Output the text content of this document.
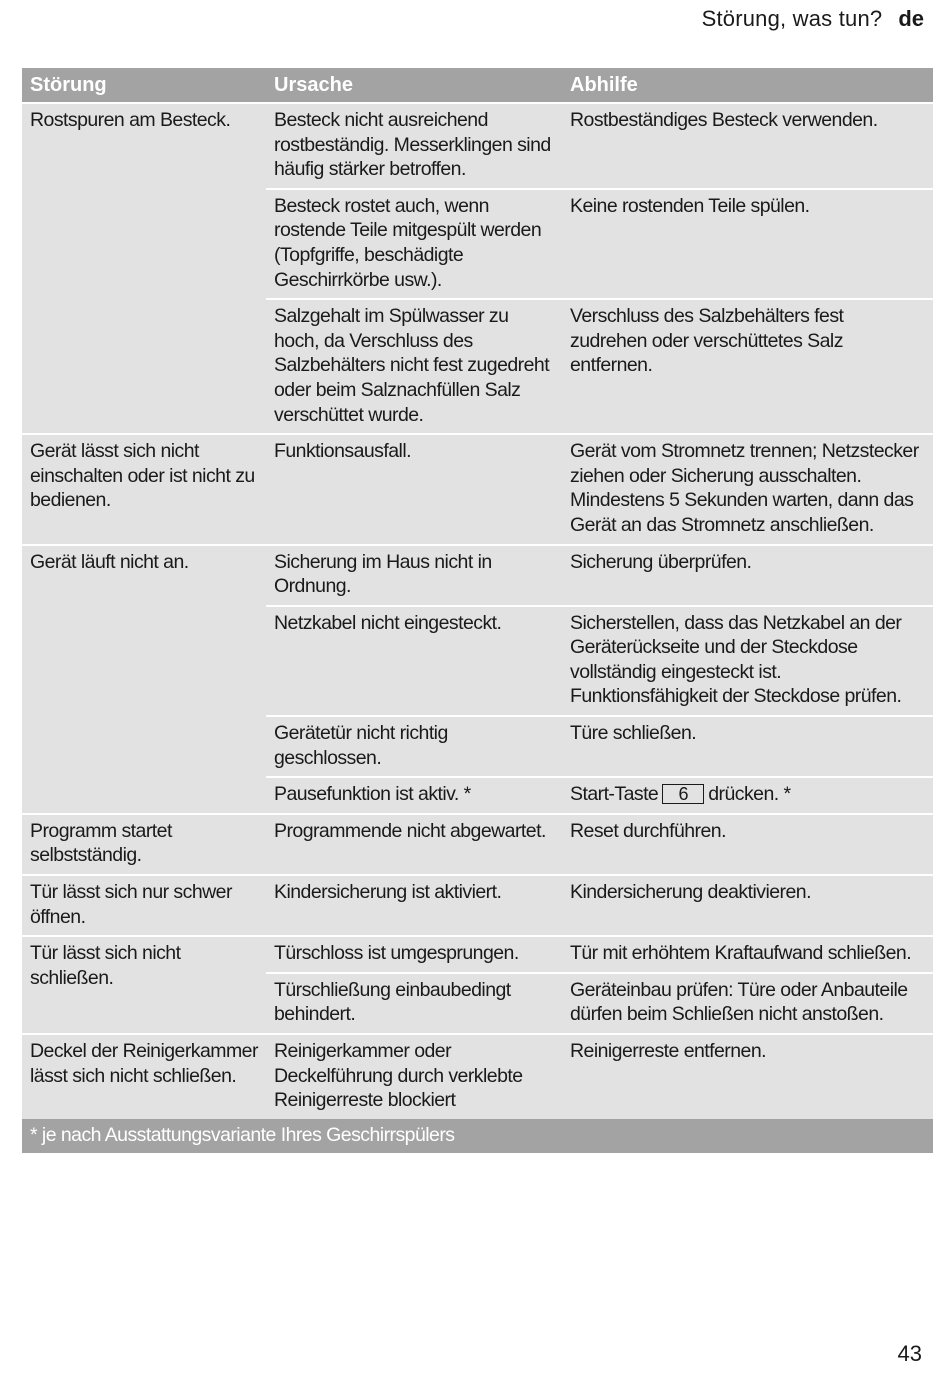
Störung, was tun? de
Störung	Ursache	Abhilfe
Rostspuren am Besteck.	Besteck nicht ausreichend rostbeständig. Messerklingen sind häufig stärker betroffen.	Rostbeständiges Besteck verwenden.
	Besteck rostet auch, wenn rostende Teile mitgespült werden (Topfgriffe, beschädigte Geschirrkörbe usw.).	Keine rostenden Teile spülen.
	Salzgehalt im Spülwasser zu hoch, da Verschluss des Salzbehälters nicht fest zugedreht oder beim Salznachfüllen Salz verschüttet wurde.	Verschluss des Salzbehälters fest zudrehen oder verschüttetes Salz entfernen.
Gerät lässt sich nicht einschalten oder ist nicht zu bedienen.	Funktionsausfall.	Gerät vom Stromnetz trennen; Netzstecker ziehen oder Sicherung ausschalten. Mindestens 5 Sekunden warten, dann das Gerät an das Stromnetz anschließen.
Gerät läuft nicht an.	Sicherung im Haus nicht in Ordnung.	Sicherung überprüfen.
	Netzkabel nicht eingesteckt.	Sicherstellen, dass das Netzkabel an der Geräterückseite und der Steckdose vollständig eingesteckt ist. Funktionsfähigkeit der Steckdose prüfen.
	Gerätetür nicht richtig geschlossen.	Türe schließen.
	Pausefunktion ist aktiv. *	Start-Taste 6 drücken. *
Programm startet selbstständig.	Programmende nicht abgewartet.	Reset durchführen.
Tür lässt sich nur schwer öffnen.	Kindersicherung ist aktiviert.	Kindersicherung deaktivieren.
Tür lässt sich nicht schließen.	Türschloss ist umgesprungen.	Tür mit erhöhtem Kraftaufwand schließen.
	Türschließung einbaubedingt behindert.	Geräteinbau prüfen: Türe oder Anbauteile dürfen beim Schließen nicht anstoßen.
Deckel der Reinigerkammer lässt sich nicht schließen.	Reinigerkammer oder Deckelführung durch verklebte Reinigerreste blockiert	Reinigerreste entfernen.
* je nach Ausstattungsvariante Ihres Geschirrspülers		
43
